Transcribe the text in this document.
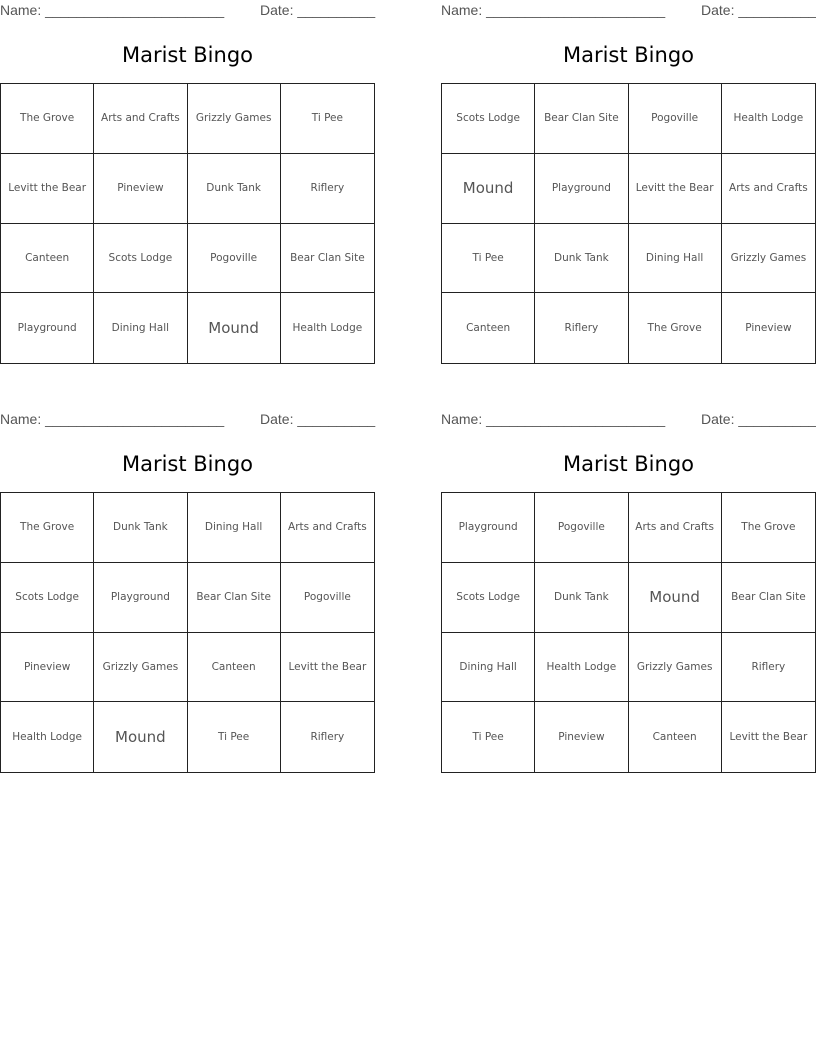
Name: _______________________	Date: __________
Marist Bingo
The Grove	Arts and Crafts	Grizzly Games	Ti Pee
Levitt the Bear	Pineview	Dunk Tank	Riflery
Canteen	Scots Lodge	Pogoville	Bear Clan Site
Playground	Dining Hall	Mound	Health Lodge
Name: _______________________	Date: __________
Marist Bingo
Scots Lodge	Bear Clan Site	Pogoville	Health Lodge
Mound	Playground	Levitt the Bear	Arts and Crafts
Ti Pee	Dunk Tank	Dining Hall	Grizzly Games
Canteen	Riflery	The Grove	Pineview
Name: _______________________	Date: __________
Marist Bingo
The Grove	Dunk Tank	Dining Hall	Arts and Crafts
Scots Lodge	Playground	Bear Clan Site	Pogoville
Pineview	Grizzly Games	Canteen	Levitt the Bear
Health Lodge	Mound	Ti Pee	Riflery
Name: _______________________	Date: __________
Marist Bingo
Playground	Pogoville	Arts and Crafts	The Grove
Scots Lodge	Dunk Tank	Mound	Bear Clan Site
Dining Hall	Health Lodge	Grizzly Games	Riflery
Ti Pee	Pineview	Canteen	Levitt the Bear
